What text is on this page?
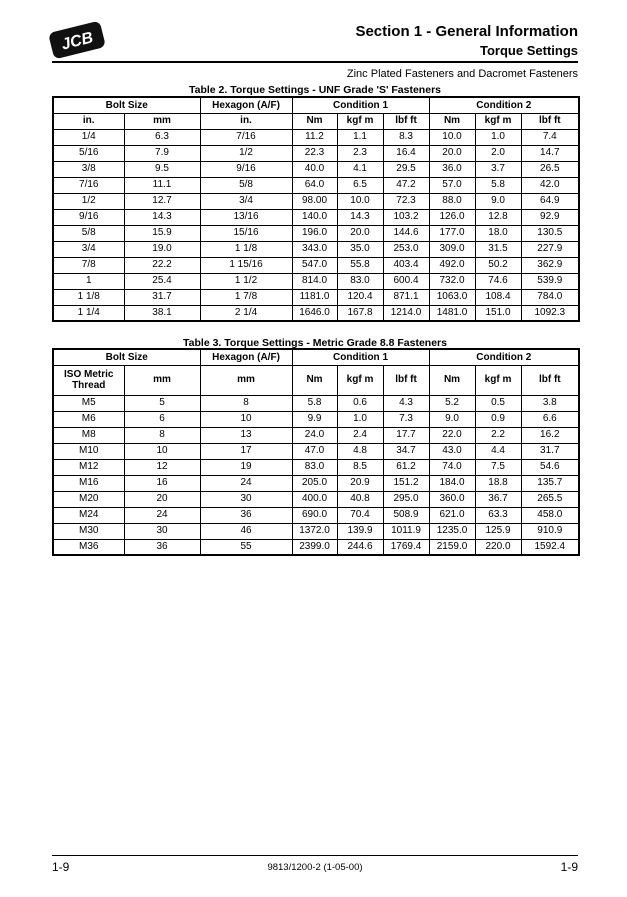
JCB	Section 1 - General Information
Torque Settings
Zinc Plated Fasteners and Dacromet Fasteners
Table 2. Torque Settings - UNF Grade 'S' Fasteners
Bolt Size		Hexagon (A/F)	Condition 1			Condition 2		
in.	mm	in.	Nm	kgf m	lbf ft	Nm	kgf m	lbf ft
1/4	6.3	7/16	11.2	1.1	8.3	10.0	1.0	7.4
5/16	7.9	1/2	22.3	2.3	16.4	20.0	2.0	14.7
3/8	9.5	9/16	40.0	4.1	29.5	36.0	3.7	26.5
7/16	11.1	5/8	64.0	6.5	47.2	57.0	5.8	42.0
1/2	12.7	3/4	98.00	10.0	72.3	88.0	9.0	64.9
9/16	14.3	13/16	140.0	14.3	103.2	126.0	12.8	92.9
5/8	15.9	15/16	196.0	20.0	144.6	177.0	18.0	130.5
3/4	19.0	1 1/8	343.0	35.0	253.0	309.0	31.5	227.9
7/8	22.2	1 15/16	547.0	55.8	403.4	492.0	50.2	362.9
1	25.4	1 1/2	814.0	83.0	600.4	732.0	74.6	539.9
1 1/8	31.7	1 7/8	1181.0	120.4	871.1	1063.0	108.4	784.0
1 1/4	38.1	2 1/4	1646.0	167.8	1214.0	1481.0	151.0	1092.3
Table 3. Torque Settings - Metric Grade 8.8 Fasteners
Bolt Size		Hexagon (A/F)	Condition 1			Condition 2		
ISO Metric Thread	mm	mm	Nm	kgf m	lbf ft	Nm	kgf m	lbf ft
M5	5	8	5.8	0.6	4.3	5.2	0.5	3.8
M6	6	10	9.9	1.0	7.3	9.0	0.9	6.6
M8	8	13	24.0	2.4	17.7	22.0	2.2	16.2
M10	10	17	47.0	4.8	34.7	43.0	4.4	31.7
M12	12	19	83.0	8.5	61.2	74.0	7.5	54.6
M16	16	24	205.0	20.9	151.2	184.0	18.8	135.7
M20	20	30	400.0	40.8	295.0	360.0	36.7	265.5
M24	24	36	690.0	70.4	508.9	621.0	63.3	458.0
M30	30	46	1372.0	139.9	1011.9	1235.0	125.9	910.9
M36	36	55	2399.0	244.6	1769.4	2159.0	220.0	1592.4
1-9	9813/1200-2 (1-05-00)	1-9
